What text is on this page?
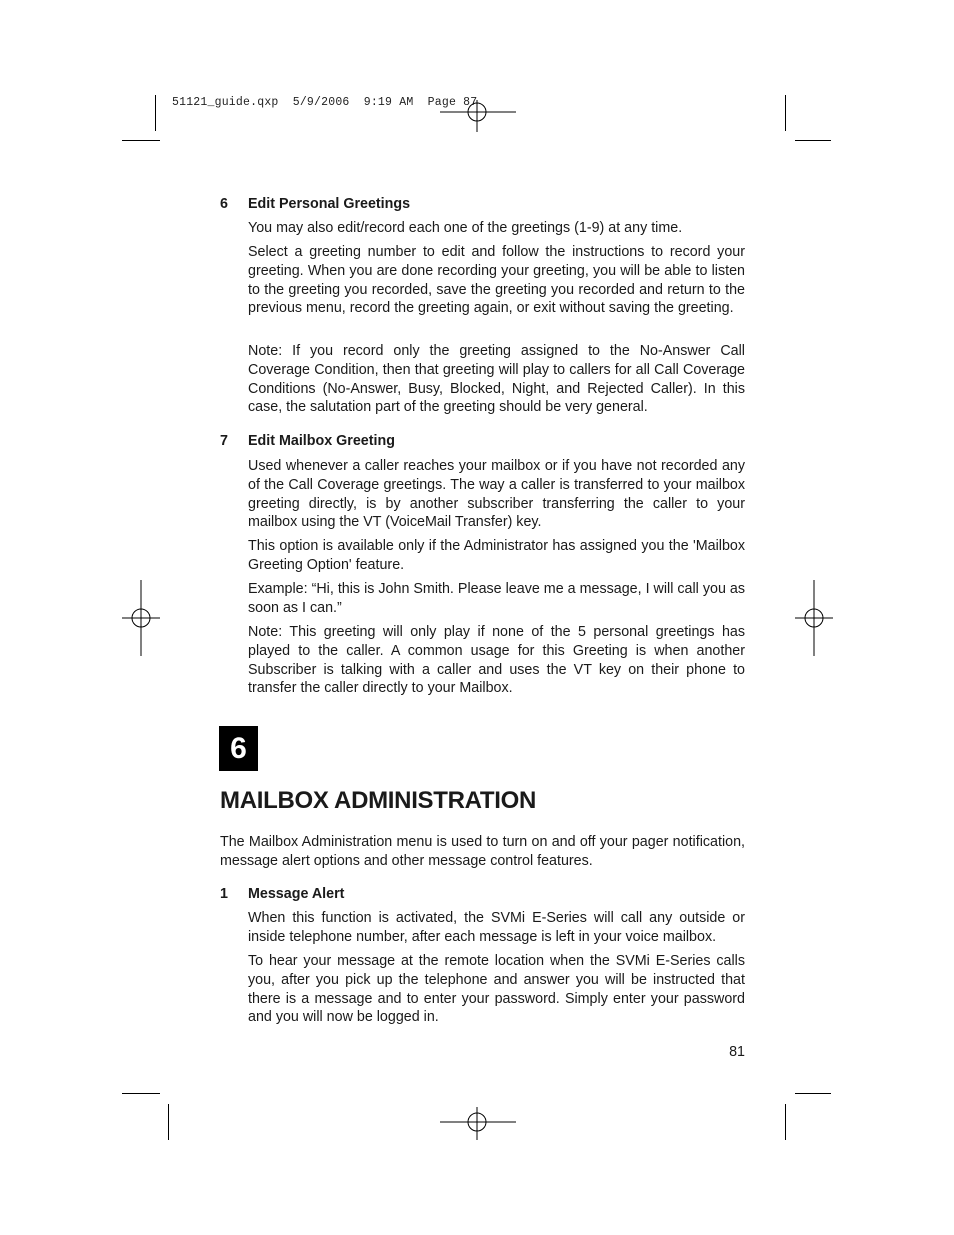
51121_guide.qxp  5/9/2006  9:19 AM  Page 87
6 Edit Personal Greetings
You may also edit/record each one of the greetings (1-9) at any time.
Select a greeting number to edit and follow the instructions to record your greeting. When you are done recording your greeting, you will be able to listen to the greeting you recorded, save the greeting you recorded and return to the previous menu, record the greeting again, or exit without saving the greeting.
Note: If you record only the greeting assigned to the No-Answer Call Coverage Condition, then that greeting will play to callers for all Call Coverage Conditions (No-Answer, Busy, Blocked, Night, and Rejected Caller). In this case, the salutation part of the greeting should be very general.
7 Edit Mailbox Greeting
Used whenever a caller reaches your mailbox or if you have not recorded any of the Call Coverage greetings. The way a caller is transferred to your mailbox greeting directly, is by another subscriber transferring the caller to your mailbox using the VT (VoiceMail Transfer) key.
This option is available only if the Administrator has assigned you the 'Mailbox Greeting Option' feature.
Example: “Hi, this is John Smith. Please leave me a message, I will call you as soon as I can.”
Note: This greeting will only play if none of the 5 personal greetings has played to the caller. A common usage for this Greeting is when another Subscriber is talking with a caller and uses the VT key on their phone to transfer the caller directly to your Mailbox.
6
MAILBOX ADMINISTRATION
The Mailbox Administration menu is used to turn on and off your pager notification, message alert options and other message control features.
1 Message Alert
When this function is activated, the SVMi E-Series will call any outside or inside telephone number, after each message is left in your voice mailbox.
To hear your message at the remote location when the SVMi E-Series calls you, after you pick up the telephone and answer you will be instructed that there is a message and to enter your password. Simply enter your password and you will now be logged in.
81
